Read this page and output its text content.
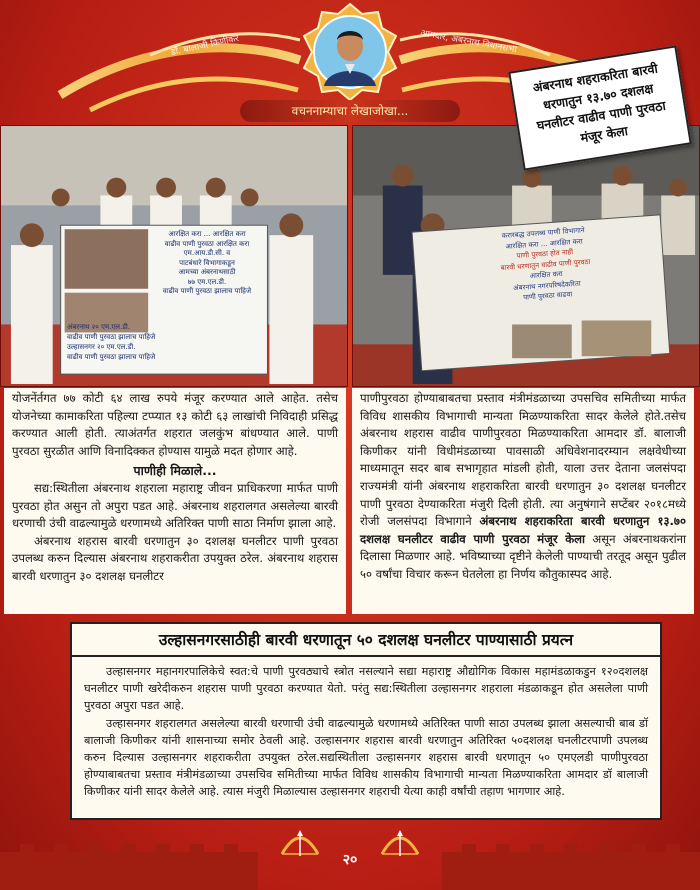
डॉ. बालाजी किणीकर	आमदार, अंबरनाथ विधानसभा
वचननाम्याचा लेखाजोखा...
आरक्षित करा ... आरक्षित करा
वाढीव पाणी पुरवठा आरक्षित करा
एम.आय.डी.सी. व
पाटबंधारे विभागाकडून
आमच्या अंबरनाथसाठी
७७ एम.एल.डी.
वाढीव पाणी पुरवठा झालाच पाहिजे
अंबरनाथ २० एम.एल.डी.
वाढीव पाणी पुरवठा झालाच पाहिजे
उल्हासनगर २० एम.एल.डी.
वाढीव पाणी पुरवठा झालाच पाहिजे
करारबद्ध उपलब्ध पाणी विभागाने
आरक्षित करा ... आरक्षित करा
पाणी पुरवठा होत नाही
बारवी धरणातुन वाढीव पाणी पुरवठा
आरक्षित करा
अंबरनाथ नगरपरिषदेकरिता
पाणी पुरवठा वाढवा
अंबरनाथ शहराकरिता बारवी धरणातुन १३.७० दशलक्ष घनलीटर वाढीव पाणी पुरवठा मंजूर केला

योजनेंर्तगत ७७ कोटी ६४ लाख रुपये मंजूर करण्यात आले आहेत. तसेच योजनेच्या कामाकरिता पहिल्या टप्प्यात १३ कोटी ६३ लाखांची निविदाही प्रसिद्ध करण्यात आली होती. त्याअंतर्गत शहरात जलकुंभ बांधण्यात आले. पाणी पुरवठा सुरळीत आणि विनादिक्कत होण्यास यामुळे मदत होणार आहे.

पाणीही मिळाले...

सद्य:स्थितीला अंबरनाथ शहराला महाराष्ट्र जीवन प्राधिकरणा मार्फत पाणी पुरवठा होत असुन तो अपुरा पडत आहे. अंबरनाथ शहरालगत असलेल्या बारवी धरणाची उंची वाढल्यामुळे धरणामध्ये अतिरिक्त पाणी साठा निर्माण झाला आहे.

अंबरनाथ शहरास बारवी धरणातुन ३० दशलक्ष घनलीटर पाणी पुरवठा उपलब्ध करुन दिल्यास अंबरनाथ शहराकरीता उपयुक्त ठरेल. अंबरनाथ शहरास बारवी धरणातुन ३० दशलक्ष घनलीटर

पाणीपुरवठा होण्याबाबतचा प्रस्ताव मंत्रीमंडळाच्या उपसचिव समितीच्या मार्फत विविध शासकीय विभागाची मान्यता मिळण्याकरिता सादर केलेले होते.तसेच अंबरनाथ शहरास वाढीव पाणीपुरवठा मिळण्याकरिता आमदार डॉ. बालाजी किणीकर यांनी विधीमंडळाच्या पावसाळी अधिवेशनादरम्यान लक्षवेधीच्या माध्यमातून सदर बाब सभागृहात मांडली होती, याला उत्तर देताना जलसंपदा राज्यमंत्री यांनी अंबरनाथ शहराकरिता बारवी धरणातुन ३० दशलक्ष घनलीटर पाणी पुरवठा देण्याकरिता मंजुरी दिली होती. त्या अनुषंगाने सप्टेंबर २०१८मध्ये रोजी जलसंपदा विभागाने अंबरनाथ शहराकरिता बारवी धरणातुन १३.७० दशलक्ष घनलीटर वाढीव पाणी पुरवठा मंजूर केला असून अंबरनाथकरांना दिलासा मिळणार आहे. भविष्याच्या दृष्टीने केलेली पाण्याची तरतूद असून पुढील ५० वर्षांचा विचार करून घेतलेला हा निर्णय कौतुकास्पद आहे.

उल्हासनगरसाठीही बारवी धरणातून ५० दशलक्ष घनलीटर पाण्यासाठी प्रयत्न

उल्हासनगर महानगरपालिकेचे स्वत:चे पाणी पुरवठ्याचे स्त्रोत नसल्याने सद्या महाराष्ट्र औद्योगिक विकास महामंडळाकडुन १२०दशलक्ष घनलीटर पाणी खरेदीकरुन शहरास पाणी पुरवठा करण्यात येतो. परंतु सद्य:स्थितीला उल्हासनगर शहराला मंडळाकडून होत असलेला पाणी पुरवठा अपुरा पडत आहे.

उल्हासनगर शहरालगत असलेल्या बारवी धरणाची उंची वाढल्यामुळे धरणामध्ये अतिरिक्त पाणी साठा उपलब्ध झाला असल्याची बाब डॉ बालाजी किणीकर यांनी शासनाच्या समोर ठेवली आहे. उल्हासनगर शहरास बारवी धरणातुन अतिरिक्त ५०दशलक्ष घनलीटरपाणी उपलब्ध करुन दिल्यास उल्हासनगर शहराकरीता उपयुक्त ठरेल.सद्यस्थितीला उल्हासनगर शहरास बारवी धरणातून ५० एमएलडी पाणीपुरवठा होण्याबाबतचा प्रस्ताव मंत्रीमंडळाच्या उपसचिव समितीच्या मार्फत विविध शासकीय विभागाची मान्यता मिळण्याकरिता आमदार डॉ बालाजी किणीकर यांनी सादर केलेले आहे. त्यास मंजुरी मिळाल्यास उल्हासनगर शहराची येत्या काही वर्षांची तहाण भागणार आहे.

२०
